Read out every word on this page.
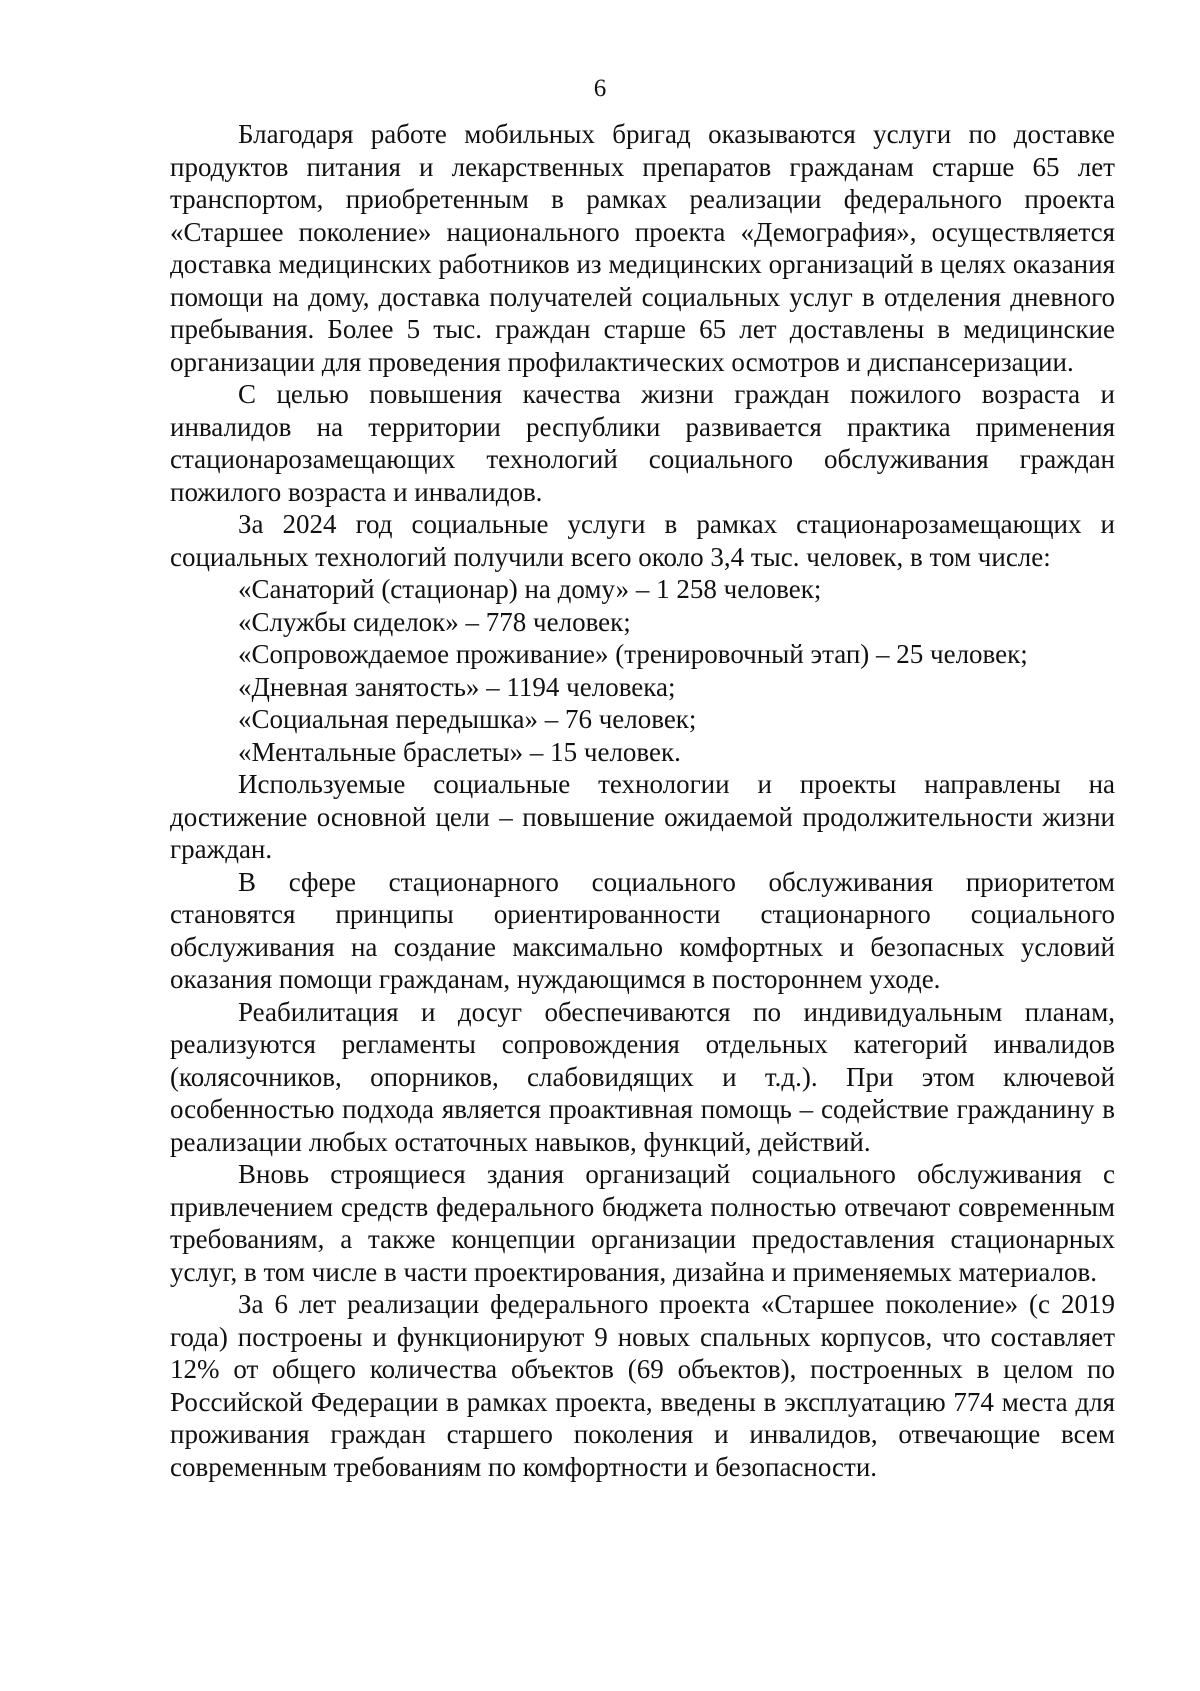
6

Благодаря работе мобильных бригад оказываются услуги по доставке продуктов питания и лекарственных препаратов гражданам старше 65 лет транспортом, приобретенным в рамках реализации федерального проекта «Старшее поколение» национального проекта «Демография», осуществляется доставка медицинских работников из медицинских организаций в целях оказания помощи на дому, доставка получателей социальных услуг в отделения дневного пребывания. Более 5 тыс. граждан старше 65 лет доставлены в медицинские организации для проведения профилактических осмотров и диспансеризации.

С целью повышения качества жизни граждан пожилого возраста и инвалидов на территории республики развивается практика применения стационарозамещающих технологий социального обслуживания граждан пожилого возраста и инвалидов.

За 2024 год социальные услуги в рамках стационарозамещающих и социальных технологий получили всего около 3,4 тыс. человек, в том числе:

«Санаторий (стационар) на дому» – 1 258 человек;

«Службы сиделок» – 778 человек;

«Сопровождаемое проживание» (тренировочный этап) – 25 человек;

«Дневная занятость» – 1194 человека;

«Социальная передышка» – 76 человек;

«Ментальные браслеты» – 15 человек.

Используемые социальные технологии и проекты направлены на достижение основной цели – повышение ожидаемой продолжительности жизни граждан.

В сфере стационарного социального обслуживания приоритетом становятся принципы ориентированности стационарного социального обслуживания на создание максимально комфортных и безопасных условий оказания помощи гражданам, нуждающимся в постороннем уходе.

Реабилитация и досуг обеспечиваются по индивидуальным планам, реализуются регламенты сопровождения отдельных категорий инвалидов (колясочников, опорников, слабовидящих и т.д.). При этом ключевой особенностью подхода является проактивная помощь – содействие гражданину в реализации любых остаточных навыков, функций, действий.

Вновь строящиеся здания организаций социального обслуживания с привлечением средств федерального бюджета полностью отвечают современным требованиям, а также концепции организации предоставления стационарных услуг, в том числе в части проектирования, дизайна и применяемых материалов.

За 6 лет реализации федерального проекта «Старшее поколение» (с 2019 года) построены и функционируют 9 новых спальных корпусов, что составляет 12% от общего количества объектов (69 объектов), построенных в целом по Российской Федерации в рамках проекта, введены в эксплуатацию 774 места для проживания граждан старшего поколения и инвалидов, отвечающие всем современным требованиям по комфортности и безопасности.
